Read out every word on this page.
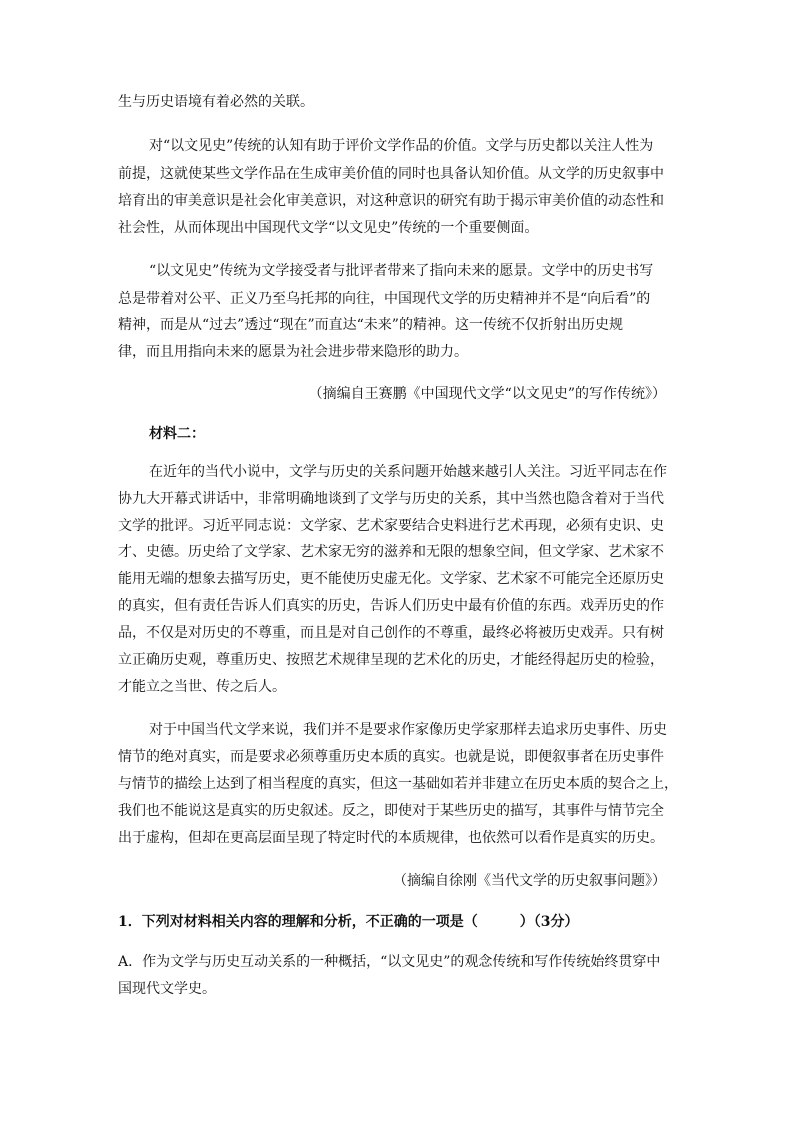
生与历史语境有着必然的关联。
对“以文见史”传统的认知有助于评价文学作品的价值。文学与历史都以关注人性为
前提，这就使某些文学作品在生成审美价值的同时也具备认知价值。从文学的历史叙事中
培育出的审美意识是社会化审美意识，对这种意识的研究有助于揭示审美价值的动态性和
社会性，从而体现出中国现代文学“以文见史”传统的一个重要侧面。
“以文见史”传统为文学接受者与批评者带来了指向未来的愿景。文学中的历史书写
总是带着对公平、正义乃至乌托邦的向往，中国现代文学的历史精神并不是“向后看”的
精神，而是从“过去”透过“现在”而直达“未来”的精神。这一传统不仅折射出历史规
律，而且用指向未来的愿景为社会进步带来隐形的助力。
（摘编自王赛鹏《中国现代文学“以文见史”的写作传统》）
材料二：
在近年的当代小说中，文学与历史的关系问题开始越来越引人关注。习近平同志在作
协九大开幕式讲话中，非常明确地谈到了文学与历史的关系，其中当然也隐含着对于当代
文学的批评。习近平同志说：文学家、艺术家要结合史料进行艺术再现，必须有史识、史
才、史德。历史给了文学家、艺术家无穷的滋养和无限的想象空间，但文学家、艺术家不
能用无端的想象去描写历史，更不能使历史虚无化。文学家、艺术家不可能完全还原历史
的真实，但有责任告诉人们真实的历史，告诉人们历史中最有价值的东西。戏弄历史的作
品，不仅是对历史的不尊重，而且是对自己创作的不尊重，最终必将被历史戏弄。只有树
立正确历史观，尊重历史、按照艺术规律呈现的艺术化的历史，才能经得起历史的检验，
才能立之当世、传之后人。
对于中国当代文学来说，我们并不是要求作家像历史学家那样去追求历史事件、历史
情节的绝对真实，而是要求必须尊重历史本质的真实。也就是说，即便叙事者在历史事件
与情节的描绘上达到了相当程度的真实，但这一基础如若并非建立在历史本质的契合之上，
我们也不能说这是真实的历史叙述。反之，即使对于某些历史的描写，其事件与情节完全
出于虚构，但却在更高层面呈现了特定时代的本质规律，也依然可以看作是真实的历史。
（摘编自徐刚《当代文学的历史叙事问题》）
1．下列对材料相关内容的理解和分析，不正确的一项是（　　　）（3分）
A．作为文学与历史互动关系的一种概括，“以文见史”的观念传统和写作传统始终贯穿中
国现代文学史。
